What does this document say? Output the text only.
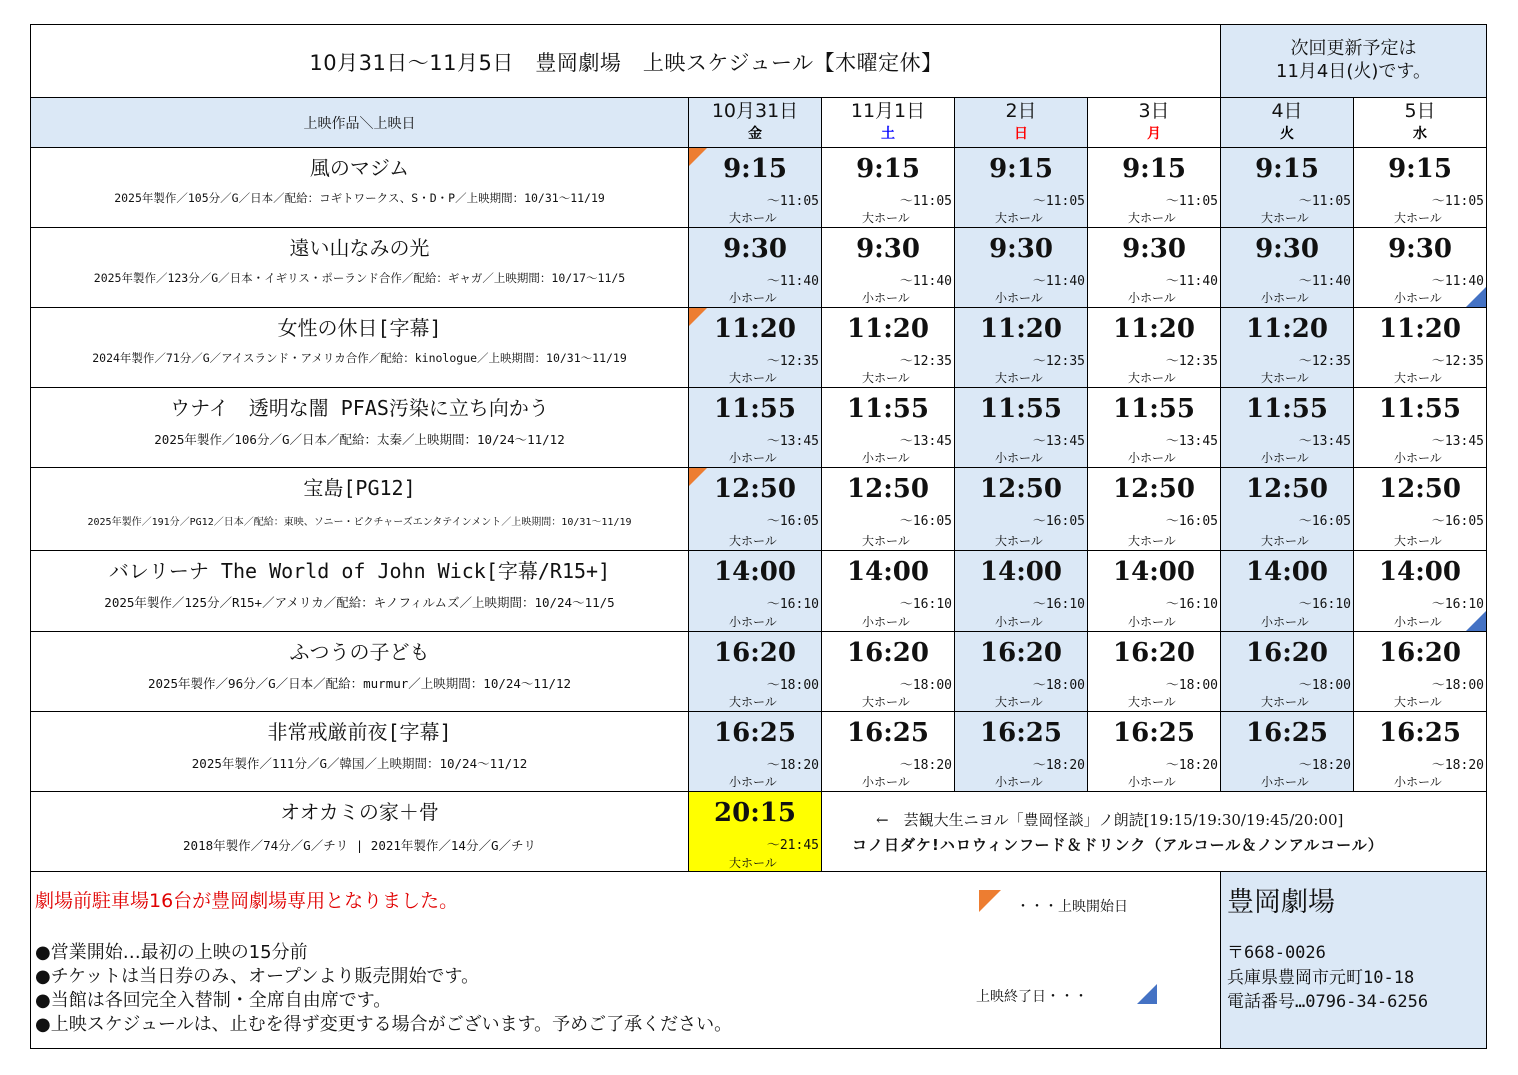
10月31日～11月5日　豊岡劇場　上映スケジュール【木曜定休】
次回更新予定は
11月4日(火)です。
上映作品＼上映日
10月31日
金
11月1日
土
2日
日
3日
月
4日
火
5日
水
風のマジム
2025年製作／105分／G／日本／配給：コギトワークス、S・D・P／上映期間：10/31～11/19
9:15
～11:05
大ホール
9:15
～11:05
大ホール
9:15
～11:05
大ホール
9:15
～11:05
大ホール
9:15
～11:05
大ホール
9:15
～11:05
大ホール
遠い山なみの光
2025年製作／123分／G／日本・イギリス・ポーランド合作／配給：ギャガ／上映期間：10/17～11/5
9:30
～11:40
小ホール
9:30
～11:40
小ホール
9:30
～11:40
小ホール
9:30
～11:40
小ホール
9:30
～11:40
小ホール
9:30
～11:40
小ホール
女性の休日[字幕]
2024年製作／71分／G／アイスランド・アメリカ合作／配給：kinologue／上映期間：10/31～11/19
11:20
～12:35
大ホール
11:20
～12:35
大ホール
11:20
～12:35
大ホール
11:20
～12:35
大ホール
11:20
～12:35
大ホール
11:20
～12:35
大ホール
ウナイ　透明な闇 PFAS汚染に立ち向かう
2025年製作／106分／G／日本／配給：太秦／上映期間：10/24～11/12
11:55
～13:45
小ホール
11:55
～13:45
小ホール
11:55
～13:45
小ホール
11:55
～13:45
小ホール
11:55
～13:45
小ホール
11:55
～13:45
小ホール
宝島[PG12]
2025年製作／191分／PG12／日本／配給：東映、ソニー・ピクチャーズエンタテインメント／上映期間：10/31～11/19
12:50
～16:05
大ホール
12:50
～16:05
大ホール
12:50
～16:05
大ホール
12:50
～16:05
大ホール
12:50
～16:05
大ホール
12:50
～16:05
大ホール
バレリーナ The World of John Wick[字幕/R15+]
2025年製作／125分／R15+／アメリカ／配給：キノフィルムズ／上映期間：10/24～11/5
14:00
～16:10
小ホール
14:00
～16:10
小ホール
14:00
～16:10
小ホール
14:00
～16:10
小ホール
14:00
～16:10
小ホール
14:00
～16:10
小ホール
ふつうの子ども
2025年製作／96分／G／日本／配給：murmur／上映期間：10/24～11/12
16:20
～18:00
大ホール
16:20
～18:00
大ホール
16:20
～18:00
大ホール
16:20
～18:00
大ホール
16:20
～18:00
大ホール
16:20
～18:00
大ホール
非常戒厳前夜[字幕]
2025年製作／111分／G／韓国／上映期間：10/24～11/12
16:25
～18:20
小ホール
16:25
～18:20
小ホール
16:25
～18:20
小ホール
16:25
～18:20
小ホール
16:25
～18:20
小ホール
16:25
～18:20
小ホール
オオカミの家＋骨
2018年製作／74分／G／チリ | 2021年製作／14分／G／チリ
20:15
～21:45
大ホール
←　芸観大生ニヨル「豊岡怪談」ノ朗読[19:15/19:30/19:45/20:00]
コノ日ダケ!ハロウィンフード＆ドリンク（アルコール＆ノンアルコール）
劇場前駐車場16台が豊岡劇場専用となりました。
●営業開始…最初の上映の15分前
●チケットは当日券のみ、オープンより販売開始です。
●当館は各回完全入替制・全席自由席です。
●上映スケジュールは、止むを得ず変更する場合がございます。予めご了承ください。
・・・上映開始日
上映終了日・・・
豊岡劇場
〒668-0026
兵庫県豊岡市元町10-18
電話番号…0796-34-6256
